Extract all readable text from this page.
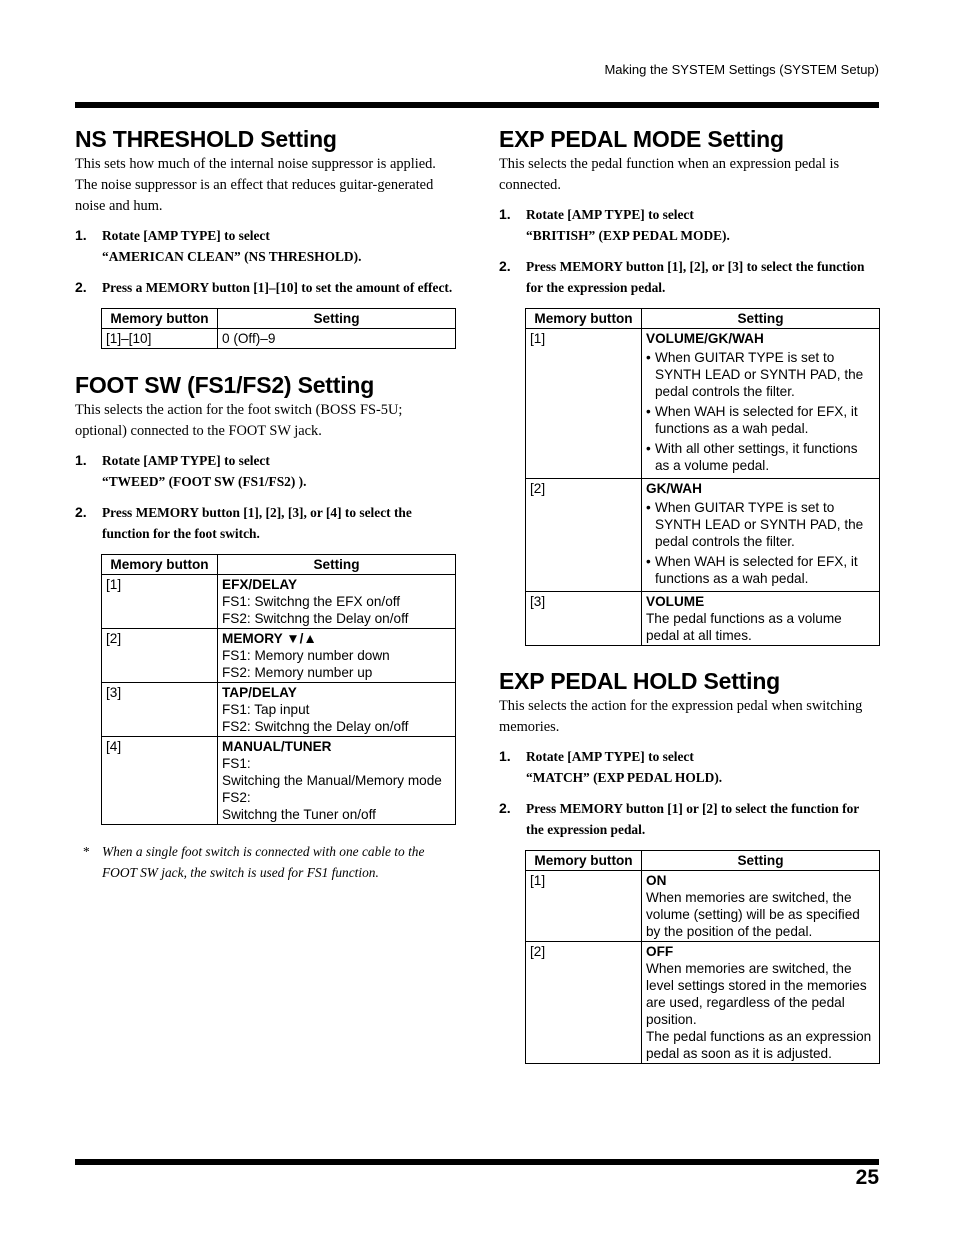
Making the SYSTEM Settings (SYSTEM Setup)
NS THRESHOLD Setting

This sets how much of the internal noise suppressor is applied.

The noise suppressor is an effect that reduces guitar-generated noise and hum.

1. Rotate [AMP TYPE] to select
“AMERICAN CLEAN” (NS THRESHOLD).
2. Press a MEMORY button [1]–[10] to set the amount of effect.
Memory button	Setting
[1]–[10]	0 (Off)–9
FOOT SW (FS1/FS2) Setting

This selects the action for the foot switch (BOSS FS-5U; optional) connected to the FOOT SW jack.

1. Rotate [AMP TYPE] to select
“TWEED” (FOOT SW (FS1/FS2) ).
2. Press MEMORY button [1], [2], [3], or [4] to select the function for the foot switch.
Memory button	Setting
[1]	EFX/DELAY
FS1: Switchng the EFX on/off
FS2: Switchng the Delay on/off

[2]	MEMORY ▼/▲
FS1: Memory number down
FS2: Memory number up

[3]	TAP/DELAY
FS1: Tap input
FS2: Switchng the Delay on/off

[4]	MANUAL/TUNER
FS1:
Switching the Manual/Memory mode
FS2:
Switchng the Tuner on/off

* When a single foot switch is connected with one cable to the FOOT SW jack, the switch is used for FS1 function.

EXP PEDAL MODE Setting

This selects the pedal function when an expression pedal is connected.

1. Rotate [AMP TYPE] to select
“BRITISH” (EXP PEDAL MODE).
2. Press MEMORY button [1], [2], or [3] to select the function for the expression pedal.
Memory button	Setting
[1]	VOLUME/GK/WAH
• When GUITAR TYPE is set to SYNTH LEAD or SYNTH PAD, the pedal controls the filter.
• When WAH is selected for EFX, it functions as a wah pedal.
• With all other settings, it functions as a volume pedal.

[2]	GK/WAH
• When GUITAR TYPE is set to SYNTH LEAD or SYNTH PAD, the pedal controls the filter.
• When WAH is selected for EFX, it functions as a wah pedal.

[3]	VOLUME
The pedal functions as a volume pedal at all times.
EXP PEDAL HOLD Setting

This selects the action for the expression pedal when switching memories.

1. Rotate [AMP TYPE] to select
“MATCH” (EXP PEDAL HOLD).
2. Press MEMORY button [1] or [2] to select the function for the expression pedal.
Memory button	Setting
[1]	ON
When memories are switched, the volume (setting) will be as specified by the position of the pedal.

[2]	OFF
When memories are switched, the level settings stored in the memories are used, regardless of the pedal position.
The pedal functions as an expression pedal as soon as it is adjusted.
25
